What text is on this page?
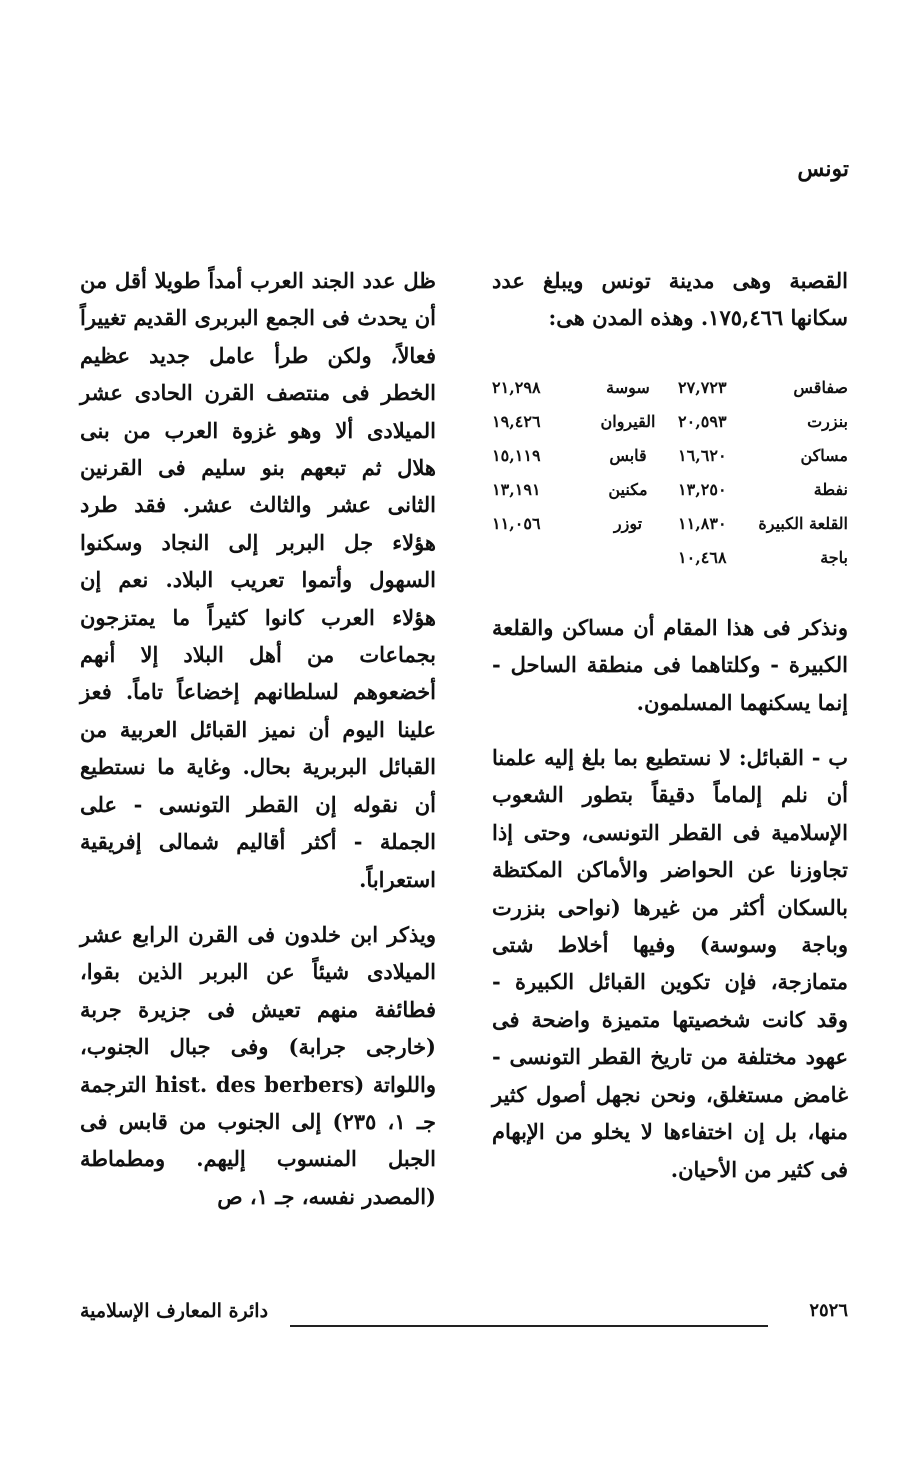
تونس

القصبة وهى مدينة تونس ويبلغ عدد سكانها ١٧٥,٤٦٦. وهذه المدن هى:

صفاقس	٢٧,٧٢٣	سوسة	٢١,٢٩٨
بنزرت	٢٠,٥٩٣	القيروان	١٩,٤٢٦
مساكن	١٦,٦٢٠	قابس	١٥,١١٩
نفطة	١٣,٢٥٠	مكنين	١٣,١٩١
القلعة الكبيرة	١١,٨٣٠	توزر	١١,٠٥٦
باجة	١٠,٤٦٨		

ونذكر فى هذا المقام أن مساكن والقلعة الكبيرة - وكلتاهما فى منطقة الساحل - إنما يسكنهما المسلمون.

ب - القبائل: لا نستطيع بما بلغ إليه علمنا أن نلم إلماماً دقيقاً بتطور الشعوب الإسلامية فى القطر التونسى، وحتى إذا تجاوزنا عن الحواضر والأماكن المكتظة بالسكان أكثر من غيرها (نواحى بنزرت وباجة وسوسة) وفيها أخلاط شتى متمازجة، فإن تكوين القبائل الكبيرة - وقد كانت شخصيتها متميزة واضحة فى عهود مختلفة من تاريخ القطر التونسى - غامض مستغلق، ونحن نجهل أصول كثير منها، بل إن اختفاءها لا يخلو من الإبهام فى كثير من الأحيان.

ظل عدد الجند العرب أمداً طويلا أقل من أن يحدث فى الجمع البربرى القديم تغييراً فعالاً، ولكن طرأ عامل جديد عظيم الخطر فى منتصف القرن الحادى عشر الميلادى ألا وهو غزوة العرب من بنى هلال ثم تبعهم بنو سليم فى القرنين الثانى عشر والثالث عشر. فقد طرد هؤلاء جل البربر إلى النجاد وسكنوا السهول وأتموا تعريب البلاد. نعم إن هؤلاء العرب كانوا كثيراً ما يمتزجون بجماعات من أهل البلاد إلا أنهم أخضعوهم لسلطانهم إخضاعاً تاماً. فعز علينا اليوم أن نميز القبائل العربية من القبائل البربرية بحال. وغاية ما نستطيع أن نقوله إن القطر التونسى - على الجملة - أكثر أقاليم شمالى إفريقية استعراباً.

ويذكر ابن خلدون فى القرن الرابع عشر الميلادى شيئاً عن البربر الذين بقوا، فطائفة منهم تعيش فى جزيرة جربة (خارجى جرابة) وفى جبال الجنوب، واللواتة (hist. des berbers الترجمة جـ ١، ٢٣٥) إلى الجنوب من قابس فى الجبل المنسوب إليهم. ومطماطة (المصدر نفسه، جـ ١، ص

٢٥٢٦
دائرة المعارف الإسلامية
